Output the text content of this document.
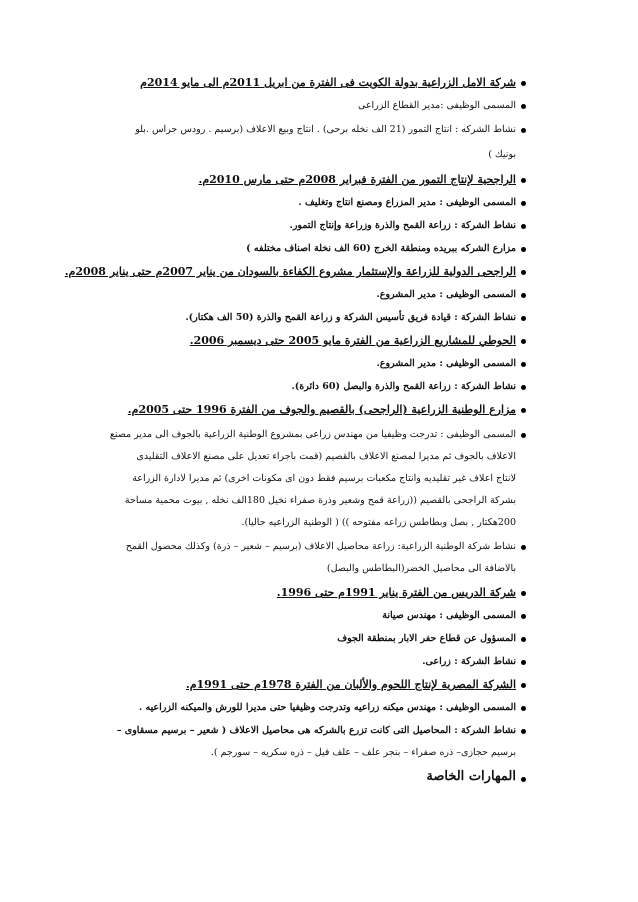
شركة الامل الزراعية بدولة الكويت فى الفترة من ابريل 2011م الى مايو 2014م
المسمى الوظيفى :مدير القطاع الزراعى
نشاط الشركه : انتاج التمور (21 الف نخله برحى) . انتاج وبيع الاعلاف (برسيم . رودس جراس .بلو
بونيك )
الراجحية لإنتاج التمور من الفترة فبراير 2008م حتى مارس 2010م.
المسمى الوظيفى : مدير المزراع ومصنع انتاج وتغليف .
نشاط الشركة : زراعة القمح والذرة وزراعة وإنتاج التمور.
مزارع الشركه ببريده ومنطقة الخرج (60 الف نخلة اصناف مختلفه )
الراجحى الدولية للزراعة والإستثمار مشروع الكفاءة بالسودان من يناير 2007م حتى يناير 2008م.
المسمى الوظيفى : مدير المشروع.
نشاط الشركة : قيادة فريق تأسيس الشركة و زراعة القمح والذرة (50 الف هكتار).
الحوطي للمشاريع الزراعية من الفترة مايو 2005 حتى ديسمبر 2006.
المسمى الوظيفى : مدير المشروع.
نشاط الشركة : زراعة القمح والذرة والبصل (60 دائرة).
مزارع الوطنية الزراعية (الراجحى) بالقصيم والجوف من الفترة 1996 حتى 2005م.
المسمى الوظيفى : تدرجت وظيفيا من مهندس زراعى بمشروع الوطنية الزراعية بالجوف الى مدير مصنع
الاعلاف بالجوف ثم مديرا لمصنع الاعلاف بالقصيم (قمت باجراء تعديل على مصنع الاعلاف التقليدى
لانتاج اعلاف غير تقليديه وانتاج مكعبات برسيم فقط دون اى مكونات اخرى) ثم مديرا لادارة الزراعة
بشركة الراجحى بالقصيم ((زراعة قمح وشعير وذرة صفراء نخيل 180الف نخله , بيوت محمية مساحة
200هكتار , بصل وبطاطس زراعه مفتوحه )) ( الوطنية الزراعيه حاليا).
نشاط شركة الوطنية الزراعية: زراعة محاصيل الاعلاف (برسيم – شعير – ذرة) وكذلك محصول القمح
بالاضافة الى محاصيل الخضر(البطاطس والبصل)
شركة الدريس من الفترة يناير 1991م حتى 1996.
المسمى الوظيفى : مهندس صيانة
المسؤول عن قطاع حفر الابار بمنطقة الجوف
نشاط الشركة : زراعى.
الشركة المصرية لإنتاج اللحوم والألبان من الفترة 1978م حتى 1991م.
المسمى الوظيفى : مهندس ميكنه زراعيه وتدرجت وظيفيا حتى مديرا للورش والميكنه الزراعيه .
نشاط الشركة : المحاصيل التى كانت تزرع بالشركه هى محاصيل الاعلاف ( شعير – برسيم مسقاوى –
برسيم حجازى– ذره صفراء – بنجر علف – علف فيل – ذره سكريه – سورجم ).
المهارات الخاصة
